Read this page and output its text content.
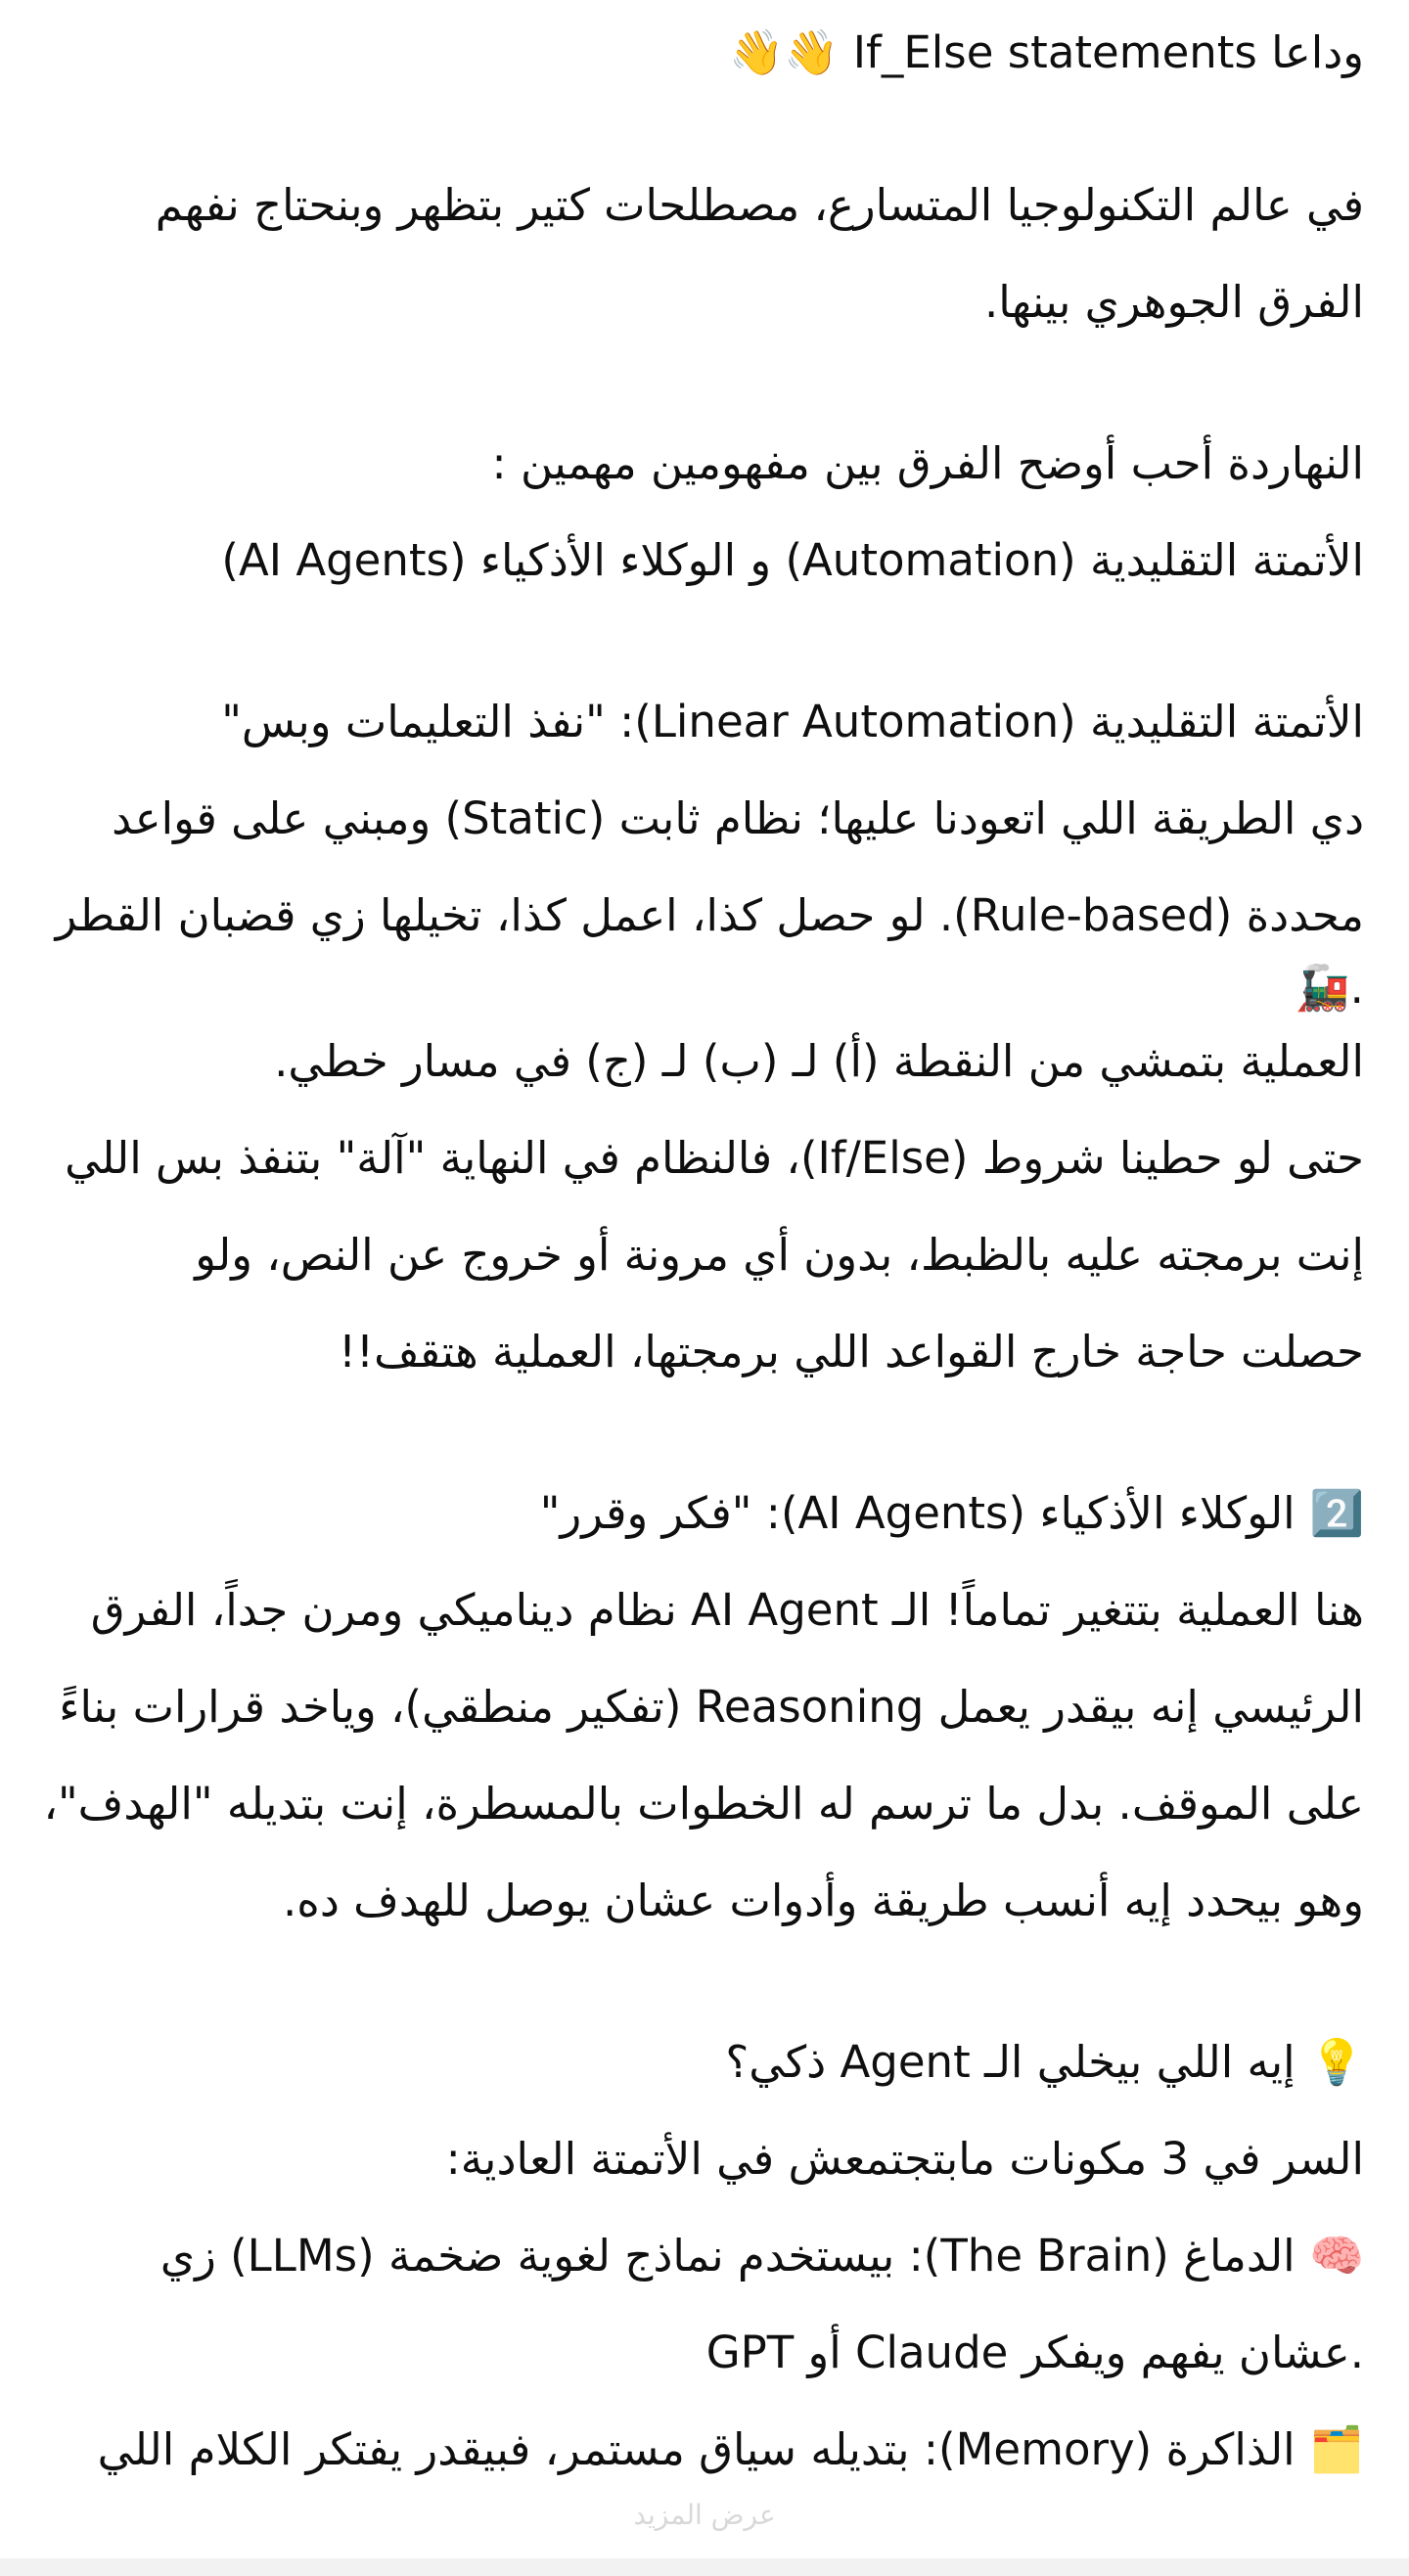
وداعا If_Else statements 👋👋
في عالم التكنولوجيا المتسارع، مصطلحات كتير بتظهر وبنحتاج نفهم
الفرق الجوهري بينها.
النهاردة أحب أوضح الفرق بين مفهومين مهمين :
الأتمتة التقليدية (Automation) و الوكلاء الأذكياء (AI Agents)
الأتمتة التقليدية (Linear Automation): "نفذ التعليمات وبس"
دي الطريقة اللي اتعودنا عليها؛ نظام ثابت (Static) ومبني على قواعد
محددة (Rule-based). لو حصل كذا، اعمل كذا، تخيلها زي قضبان القطر
🚂.
العملية بتمشي من النقطة (أ) لـ (ب) لـ (ج) في مسار خطي.
حتى لو حطينا شروط (If/Else)، فالنظام في النهاية "آلة" بتنفذ بس اللي
إنت برمجته عليه بالظبط، بدون أي مرونة أو خروج عن النص، ولو
حصلت حاجة خارج القواعد اللي برمجتها، العملية هتقف!!
2️⃣ الوكلاء الأذكياء (AI Agents): "فكر وقرر"
هنا العملية بتتغير تماماً! الـ AI Agent نظام ديناميكي ومرن جداً، الفرق
الرئيسي إنه بيقدر يعمل Reasoning (تفكير منطقي)، وياخد قرارات بناءً
على الموقف. بدل ما ترسم له الخطوات بالمسطرة، إنت بتديله "الهدف"،
وهو بيحدد إيه أنسب طريقة وأدوات عشان يوصل للهدف ده.
💡 إيه اللي بيخلي الـ Agent ذكي؟
السر في 3 مكونات مابتجتمعش في الأتمتة العادية:
🧠 الدماغ (The Brain): بيستخدم نماذج لغوية ضخمة (LLMs) زي
GPT أو Claude عشان يفهم ويفكر.
🗂️ الذاكرة (Memory): بتديله سياق مستمر، فبيقدر يفتكر الكلام اللي
عرض المزيد
